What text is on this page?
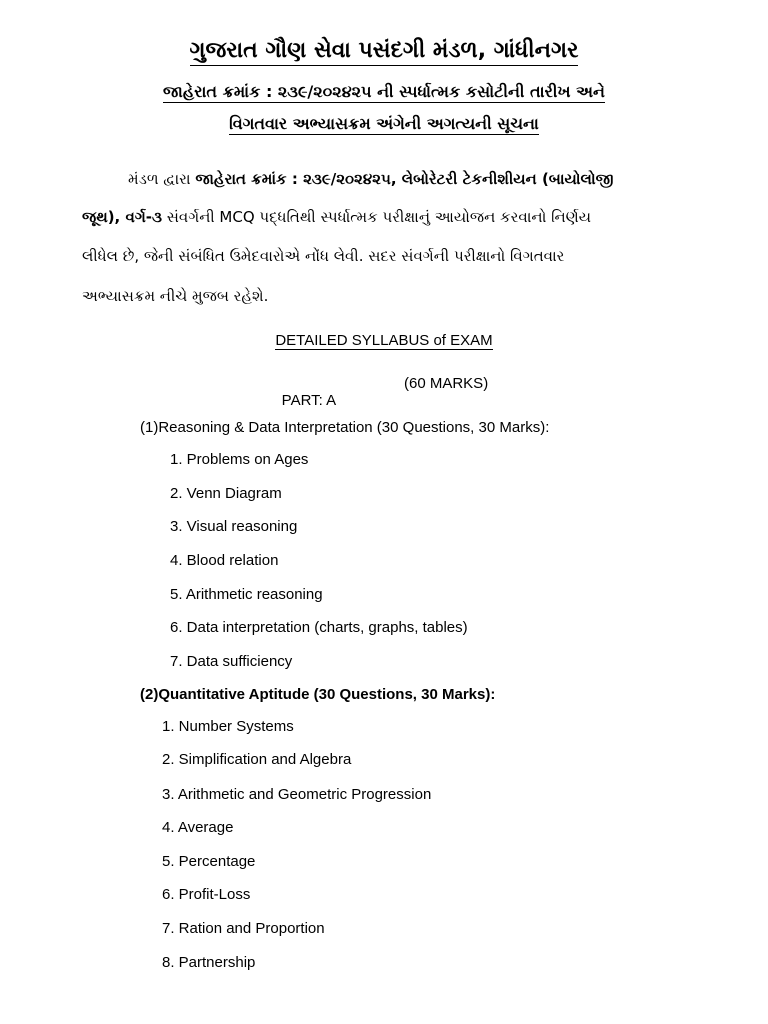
ગુજરાત ગૌણ સેવા પસંદગી મંડળ, ગાંધીનગર
જાહેરાત ક્રમાંક : ૨૩૯/૨૦૨૪૨૫ ની સ્પર્ધાત્મક કસોટીની તારીખ અને
વિગતવાર અભ્યાસક્રમ અંગેની અગત્યની સૂચના
મંડળ દ્વારા જાહેરાત ક્રમાંક : ૨૩૯/૨૦૨૪૨૫, લેબોરેટરી ટેકનીશીયન (બાયોલોજી
જૂથ), વર્ગ-૩ સંવર્ગની MCQ પદ્ધતિથી સ્પર્ધાત્મક પરીક્ષાનું આયોજન કરવાનો નિર્ણય
લીધેલ છે, જેની સંબંધિત ઉમેદવારોએ નોંધ લેવી. સદર સંવર્ગની પરીક્ષાનો વિગતવાર
અભ્યાસક્રમ નીચે મુજબ રહેશે.
DETAILED SYLLABUS of EXAM

PART: A

(60 MARKS)

(1)Reasoning & Data Interpretation (30 Questions, 30 Marks):
1. Problems on Ages
2. Venn Diagram
3. Visual reasoning
4. Blood relation
5. Arithmetic reasoning
6. Data interpretation (charts, graphs, tables)
7. Data sufficiency
(2)Quantitative Aptitude (30 Questions, 30 Marks):
1. Number Systems
2. Simplification and Algebra
3. Arithmetic and Geometric Progression
4. Average
5. Percentage
6. Profit-Loss
7. Ration and Proportion
8. Partnership
